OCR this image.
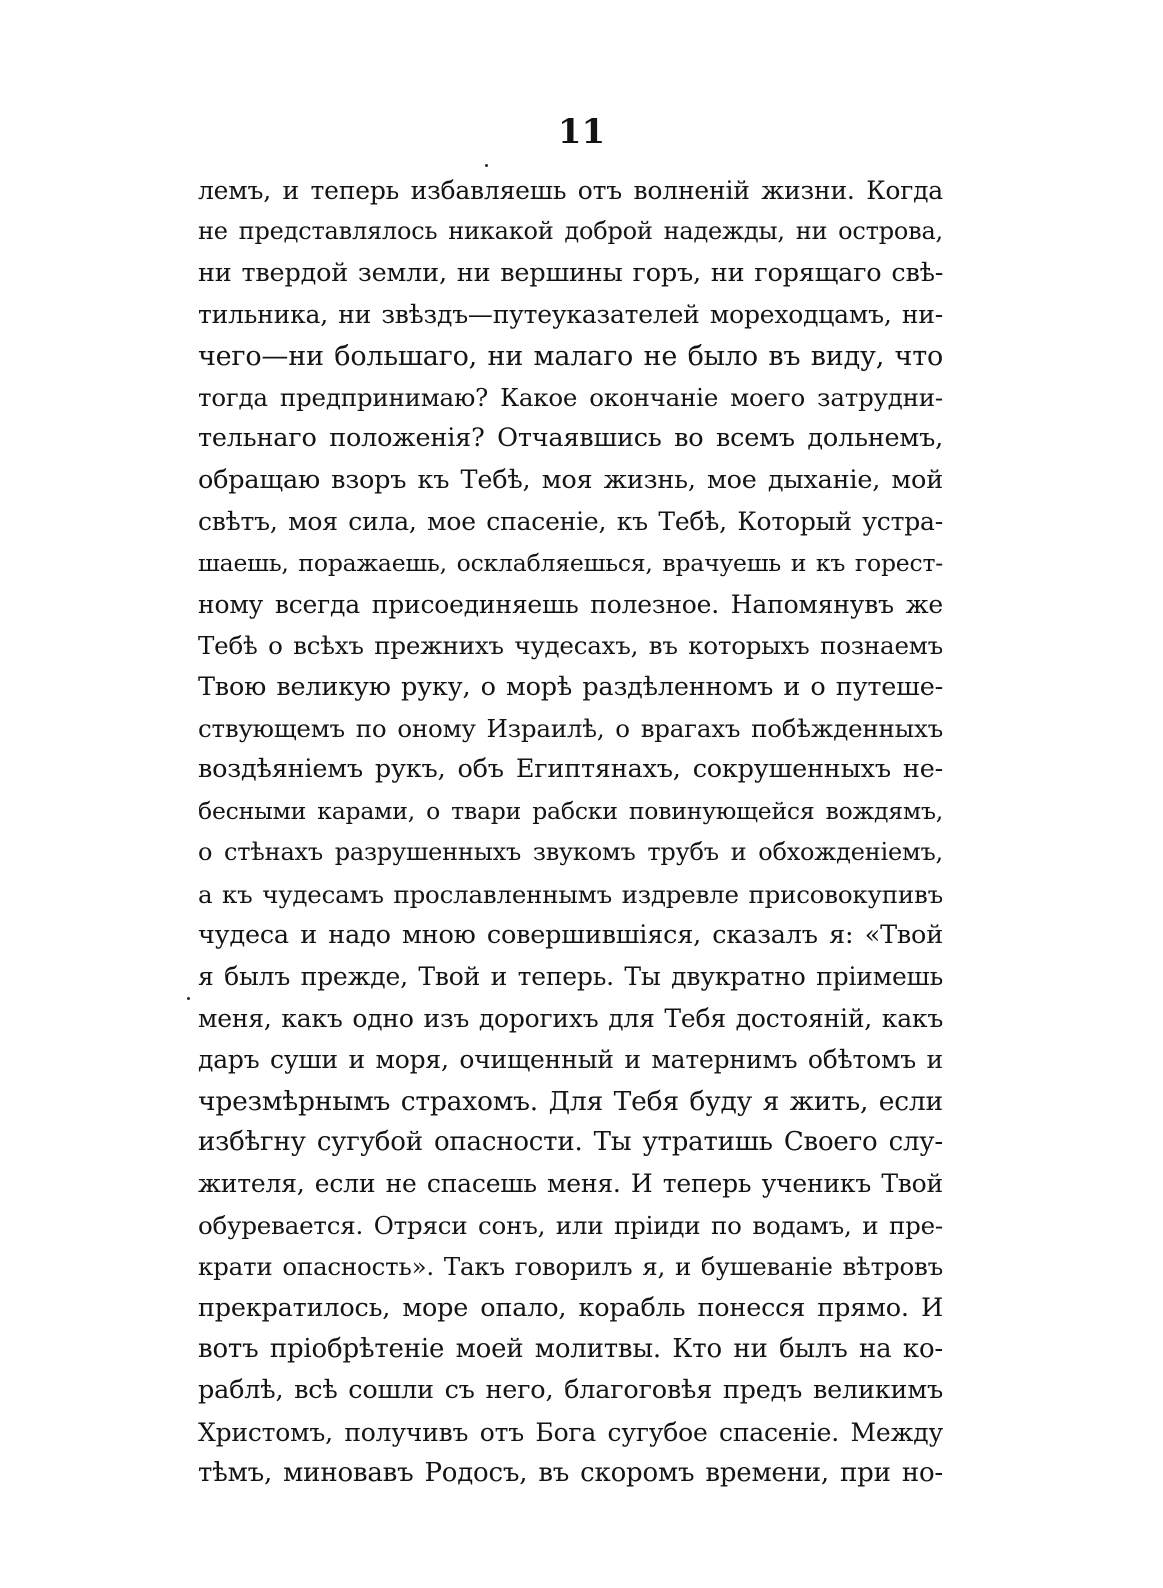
11
лемъ, и теперь избавляешь отъ волненій жизни. Когда
не представлялось никакой доброй надежды, ни острова,
ни твердой земли, ни вершины горъ, ни горящаго свѣ-
тильника, ни звѣздъ—путеуказателей мореходцамъ, ни-
чего—ни большаго, ни малаго не было въ виду, что
тогда предпринимаю? Какое окончаніе моего затрудни-
тельнаго положенія? Отчаявшись во всемъ дольнемъ,
обращаю взоръ къ Тебѣ, моя жизнь, мое дыханіе, мой
свѣтъ, моя сила, мое спасеніе, къ Тебѣ, Который устра-
шаешь, поражаешь, осклабляешься, врачуешь и къ горест-
ному всегда присоединяешь полезное. Напомянувъ же
Тебѣ о всѣхъ прежнихъ чудесахъ, въ которыхъ познаемъ
Твою великую руку, о морѣ раздѣленномъ и о путеше-
ствующемъ по оному Израилѣ, о врагахъ побѣжденныхъ
воздѣяніемъ рукъ, объ Египтянахъ, сокрушенныхъ не-
бесными карами, о твари рабски повинующейся вождямъ,
о стѣнахъ разрушенныхъ звукомъ трубъ и обхожденіемъ,
а къ чудесамъ прославленнымъ издревле присовокупивъ
чудеса и надо мною совершившіяся, сказалъ я: «Твой
я былъ прежде, Твой и теперь. Ты двукратно пріимешь
меня, какъ одно изъ дорогихъ для Тебя достояній, какъ
даръ суши и моря, очищенный и матернимъ обѣтомъ и
чрезмѣрнымъ страхомъ. Для Тебя буду я жить, если
избѣгну сугубой опасности. Ты утратишь Своего слу-
жителя, если не спасешь меня. И теперь ученикъ Твой
обуревается. Отряси сонъ, или пріиди по водамъ, и пре-
крати опасность». Такъ говорилъ я, и бушеваніе вѣтровъ
прекратилось, море опало, корабль понесся прямо. И
вотъ пріобрѣтеніе моей молитвы. Кто ни былъ на ко-
раблѣ, всѣ сошли съ него, благоговѣя предъ великимъ
Христомъ, получивъ отъ Бога сугубое спасеніе. Между
тѣмъ, миновавъ Родосъ, въ скоромъ времени, при но-
